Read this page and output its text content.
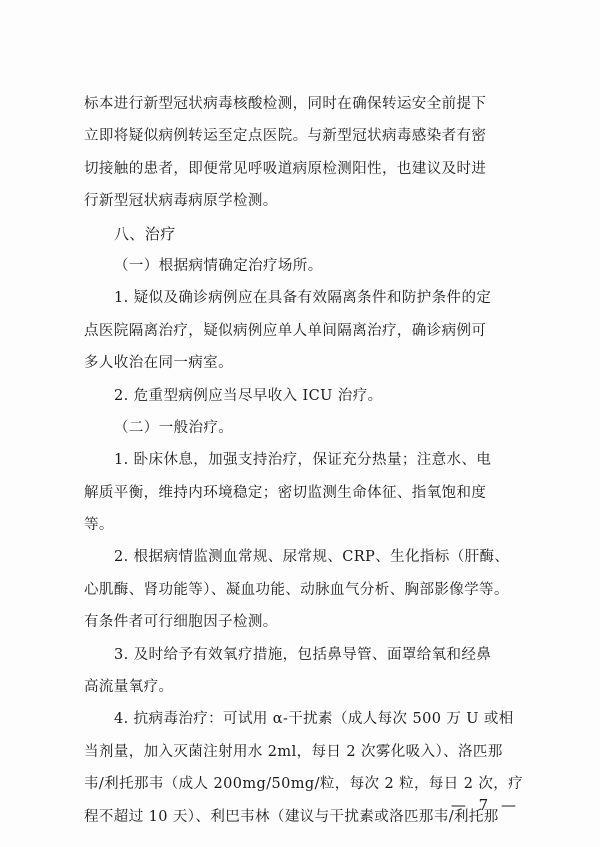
标本进行新型冠状病毒核酸检测，同时在确保转运安全前提下
立即将疑似病例转运至定点医院。与新型冠状病毒感染者有密
切接触的患者，即便常见呼吸道病原检测阳性，也建议及时进
行新型冠状病毒病原学检测。
八、治疗
（一）根据病情确定治疗场所。
1. 疑似及确诊病例应在具备有效隔离条件和防护条件的定
点医院隔离治疗，疑似病例应单人单间隔离治疗，确诊病例可
多人收治在同一病室。
2. 危重型病例应当尽早收入 ICU 治疗。
（二）一般治疗。
1. 卧床休息，加强支持治疗，保证充分热量；注意水、电
解质平衡，维持内环境稳定；密切监测生命体征、指氧饱和度
等。
2. 根据病情监测血常规、尿常规、CRP、生化指标（肝酶、
心肌酶、肾功能等）、凝血功能、动脉血气分析、胸部影像学等。
有条件者可行细胞因子检测。
3. 及时给予有效氧疗措施，包括鼻导管、面罩给氧和经鼻
高流量氧疗。
4. 抗病毒治疗：可试用 α-干扰素（成人每次 500 万 U 或相
当剂量，加入灭菌注射用水 2ml，每日 2 次雾化吸入）、洛匹那
韦/利托那韦（成人 200mg/50mg/粒，每次 2 粒，每日 2 次，疗
程不超过 10 天）、利巴韦林（建议与干扰素或洛匹那韦/利托那
— 7 —
